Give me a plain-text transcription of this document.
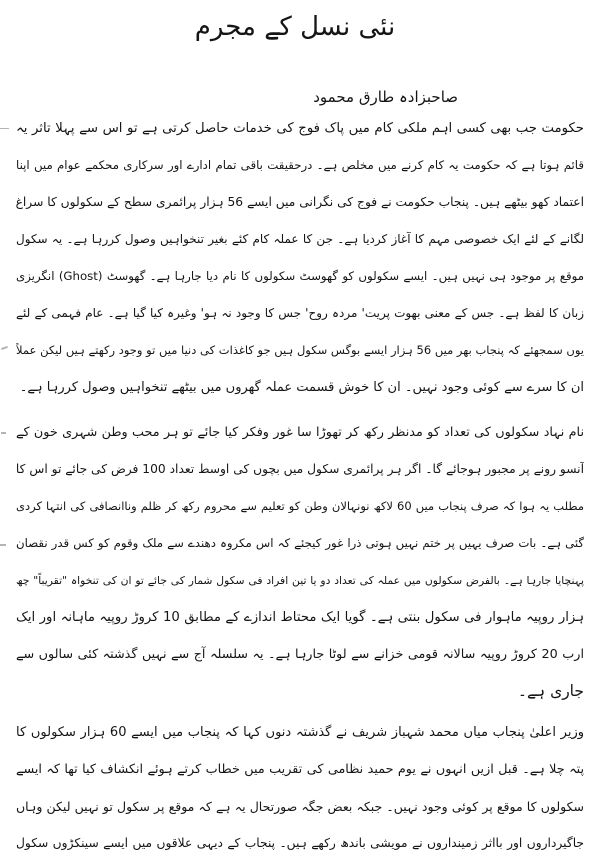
نئی نسل کے مجرم
صاحبزادہ طارق محمود
حکومت جب بھی کسی اہم ملکی کام میں پاک فوج کی خدمات حاصل کرتی ہے تو اس سے پہلا تاثر یہ
قائم ہوتا ہے کہ حکومت یہ کام کرنے میں مخلص ہے۔ درحقیقت باقی تمام ادارے اور سرکاری محکمے عوام میں اپنا
اعتماد کھو بیٹھے ہیں۔ پنجاب حکومت نے فوج کی نگرانی میں ایسے 56 ہزار پرائمری سطح کے سکولوں کا سراغ
لگانے کے لئے ایک خصوصی مہم کا آغاز کردیا ہے۔ جن کا عملہ کام کئے بغیر تنخواہیں وصول کررہا ہے۔ یہ سکول
موقع پر موجود ہی نہیں ہیں۔ ایسے سکولوں کو گھوسٹ سکولوں کا نام دیا جارہا ہے۔ گھوسٹ (Ghost) انگریزی
زبان کا لفظ ہے۔ جس کے معنی بھوت پریت' مردہ روح' جس کا وجود نہ ہو' وغیرہ کیا گیا ہے۔ عام فہمی کے لئے
یوں سمجھئے کہ پنجاب بھر میں 56 ہزار ایسے بوگس سکول ہیں جو کاغذات کی دنیا میں تو وجود رکھتے ہیں لیکن عملاً
ان کا سرے سے کوئی وجود نہیں۔ ان کا خوش قسمت عملہ گھروں میں بیٹھے تنخواہیں وصول کررہا ہے۔
نام نہاد سکولوں کی تعداد کو مدنظر رکھ کر تھوڑا سا غور وفکر کیا جائے تو ہر محب وطن شہری خون کے
آنسو رونے پر مجبور ہوجائے گا۔ اگر ہر پرائمری سکول میں بچوں کی اوسط تعداد 100 فرض کی جائے تو اس کا
مطلب یہ ہوا کہ صرف پنجاب میں 60 لاکھ نونہالان وطن کو تعلیم سے محروم رکھ کر ظلم وناانصافی کی انتہا کردی
گئی ہے۔ بات صرف یہیں پر ختم نہیں ہوتی ذرا غور کیجئے کہ اس مکروہ دھندے سے ملک وقوم کو کس قدر نقصان
پہنچایا جارہا ہے۔ بالفرض سکولوں میں عملہ کی تعداد دو یا تین افراد فی سکول شمار کی جائے تو ان کی تنخواہ "تقریباً" چھ
ہزار روپیہ ماہوار فی سکول بنتی ہے۔ گویا ایک محتاط اندازے کے مطابق 10 کروڑ روپیہ ماہانہ اور ایک
ارب 20 کروڑ روپیہ سالانہ قومی خزانے سے لوٹا جارہا ہے۔ یہ سلسلہ آج سے نہیں گذشتہ کئی سالوں سے
جاری ہے۔
وزیر اعلیٰ پنجاب میاں محمد شہباز شریف نے گذشتہ دنوں کہا کہ پنجاب میں ایسے 60 ہزار سکولوں کا
پتہ چلا ہے۔ قبل ازیں انہوں نے یوم حمید نظامی کی تقریب میں خطاب کرتے ہوئے انکشاف کیا تھا کہ ایسے
سکولوں کا موقع پر کوئی وجود نہیں۔ جبکہ بعض جگہ صورتحال یہ ہے کہ موقع پر سکول تو نہیں لیکن وہاں
جاگیرداروں اور بااثر زمینداروں نے مویشی باندھ رکھے ہیں۔ پنجاب کے دیہی علاقوں میں ایسے سینکڑوں سکول
